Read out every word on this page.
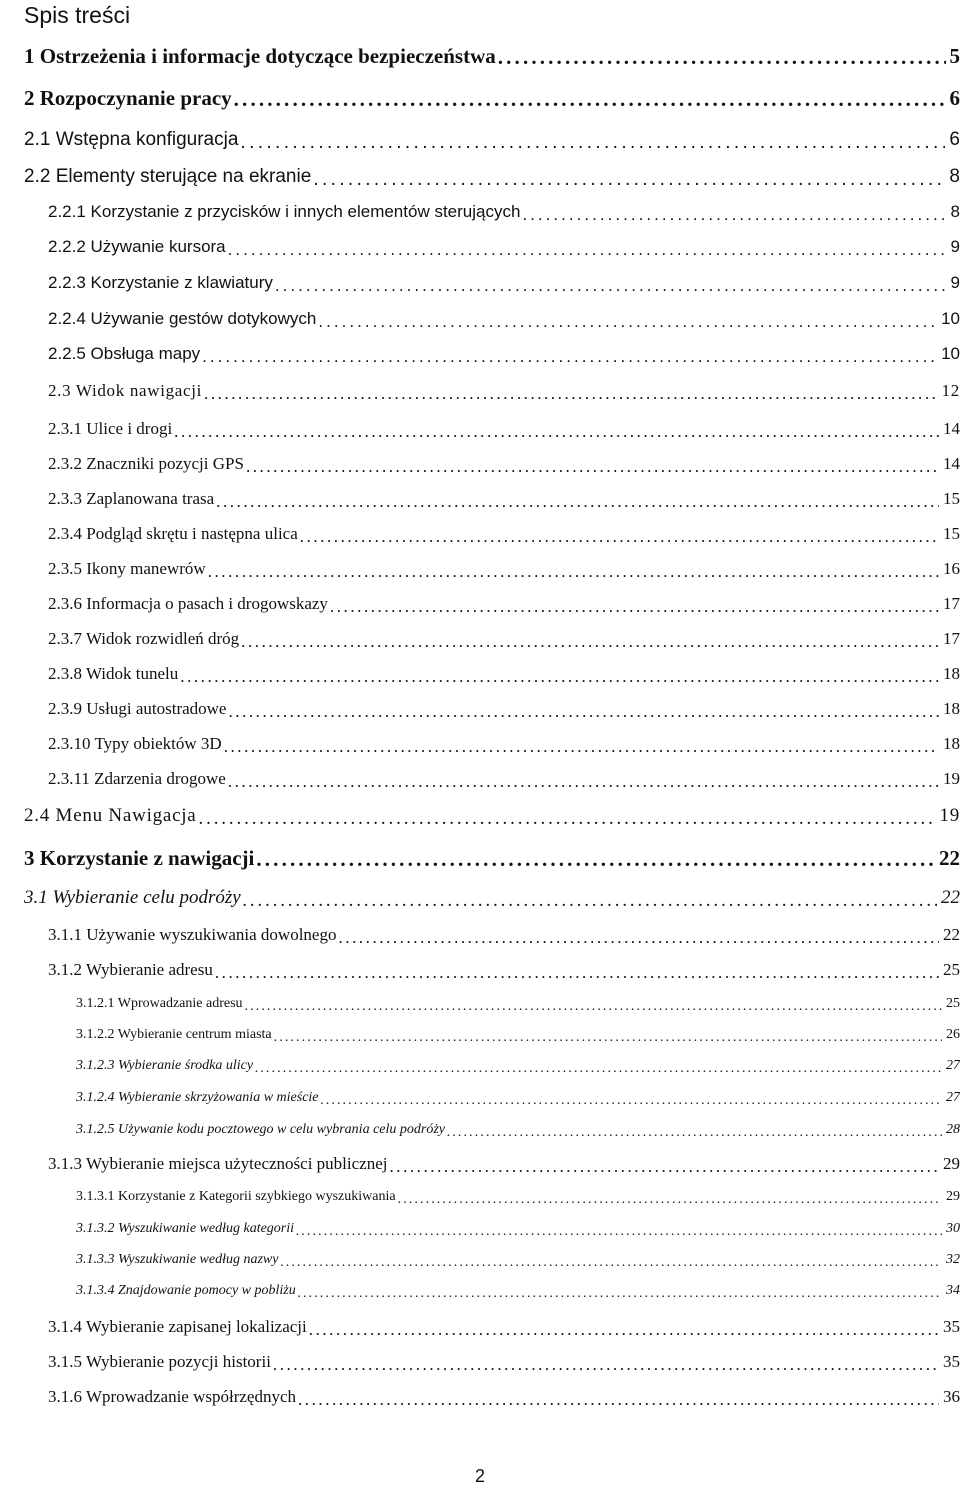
Spis treści
1 Ostrzeżenia i informacje dotyczące bezpieczeństwa . . .	5
2 Rozpoczynanie pracy . . .	6
2.1 Wstępna konfiguracja . . .	6
2.2 Elementy sterujące na ekranie . . .	8
2.2.1 Korzystanie z przycisków i innych elementów sterujących . . .	8
2.2.2 Używanie kursora . . .	9
2.2.3 Korzystanie z klawiatury . . .	9
2.2.4 Używanie gestów dotykowych . . .	10
2.2.5 Obsługa mapy . . .	10
2.3 Widok nawigacji . . .	12
2.3.1 Ulice i drogi . . .	14
2.3.2 Znaczniki pozycji GPS . . .	14
2.3.3 Zaplanowana trasa . . .	15
2.3.4 Podgląd skrętu i następna ulica . . .	15
2.3.5 Ikony manewrów . . .	16
2.3.6 Informacja o pasach i drogowskazy . . .	17
2.3.7 Widok rozwidleń dróg . . .	17
2.3.8 Widok tunelu . . .	18
2.3.9 Usługi autostradowe . . .	18
2.3.10 Typy obiektów 3D . . .	18
2.3.11 Zdarzenia drogowe . . .	19
2.4 Menu Nawigacja . . .	19
3 Korzystanie z nawigacji . . .	22
3.1 Wybieranie celu podróży . . .	22
3.1.1 Używanie wyszukiwania dowolnego . . .	22
3.1.2 Wybieranie adresu . . .	25
3.1.2.1 Wprowadzanie adresu . . .	25
3.1.2.2 Wybieranie centrum miasta . . .	26
3.1.2.3 Wybieranie środka ulicy . . .	27
3.1.2.4 Wybieranie skrzyżowania w mieście . . .	27
3.1.2.5 Używanie kodu pocztowego w celu wybrania celu podróży . . .	28
3.1.3 Wybieranie miejsca użyteczności publicznej . . .	29
3.1.3.1 Korzystanie z Kategorii szybkiego wyszukiwania . . .	29
3.1.3.2 Wyszukiwanie według kategorii . . .	30
3.1.3.3 Wyszukiwanie według nazwy . . .	32
3.1.3.4 Znajdowanie pomocy w pobliżu . . .	34
3.1.4 Wybieranie zapisanej lokalizacji . . .	35
3.1.5 Wybieranie pozycji historii . . .	35
3.1.6 Wprowadzanie współrzędnych . . .	36
2
